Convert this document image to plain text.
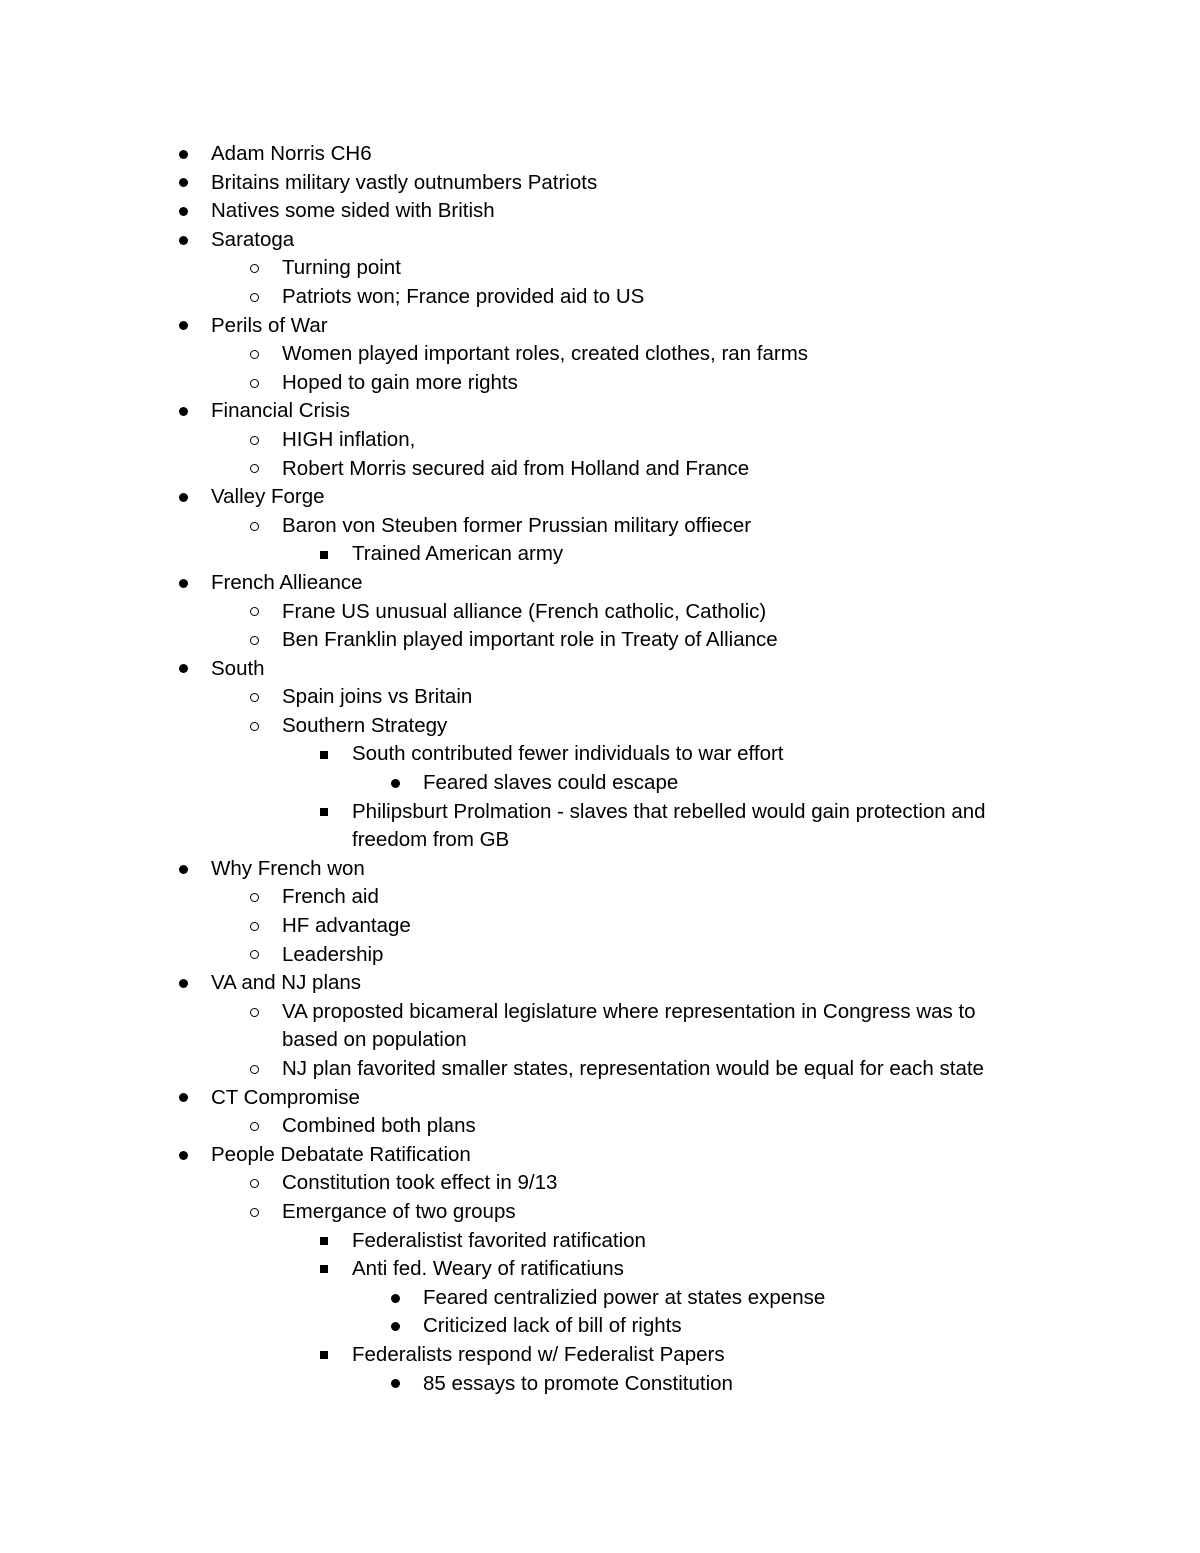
Adam Norris CH6
Britains military vastly outnumbers Patriots
Natives some sided with British
Saratoga
Turning point
Patriots won; France provided aid to US
Perils of War
Women played important roles, created clothes, ran farms
Hoped to gain more rights
Financial Crisis
HIGH inflation,
Robert Morris secured aid from Holland and France
Valley Forge
Baron von Steuben former Prussian military offiecer
Trained American army
French Allieance
Frane US unusual alliance (French catholic, Catholic)
Ben Franklin played important role in Treaty of Alliance
South
Spain joins vs Britain
Southern Strategy
South contributed fewer individuals to war effort
Feared slaves could escape
Philipsburt Prolmation - slaves that rebelled would gain protection and freedom from GB
Why French won
French aid
HF advantage
Leadership
VA and NJ plans
VA proposted bicameral legislature where representation in Congress was to based on population
NJ plan favorited smaller states, representation would be equal for each state
CT Compromise
Combined both plans
People Debatate Ratification
Constitution took effect in 9/13
Emergance of two groups
Federalistist favorited ratification
Anti fed. Weary of ratificatiuns
Feared centralizied power at states expense
Criticized lack of bill of rights
Federalists respond w/ Federalist Papers
85 essays to promote Constitution
